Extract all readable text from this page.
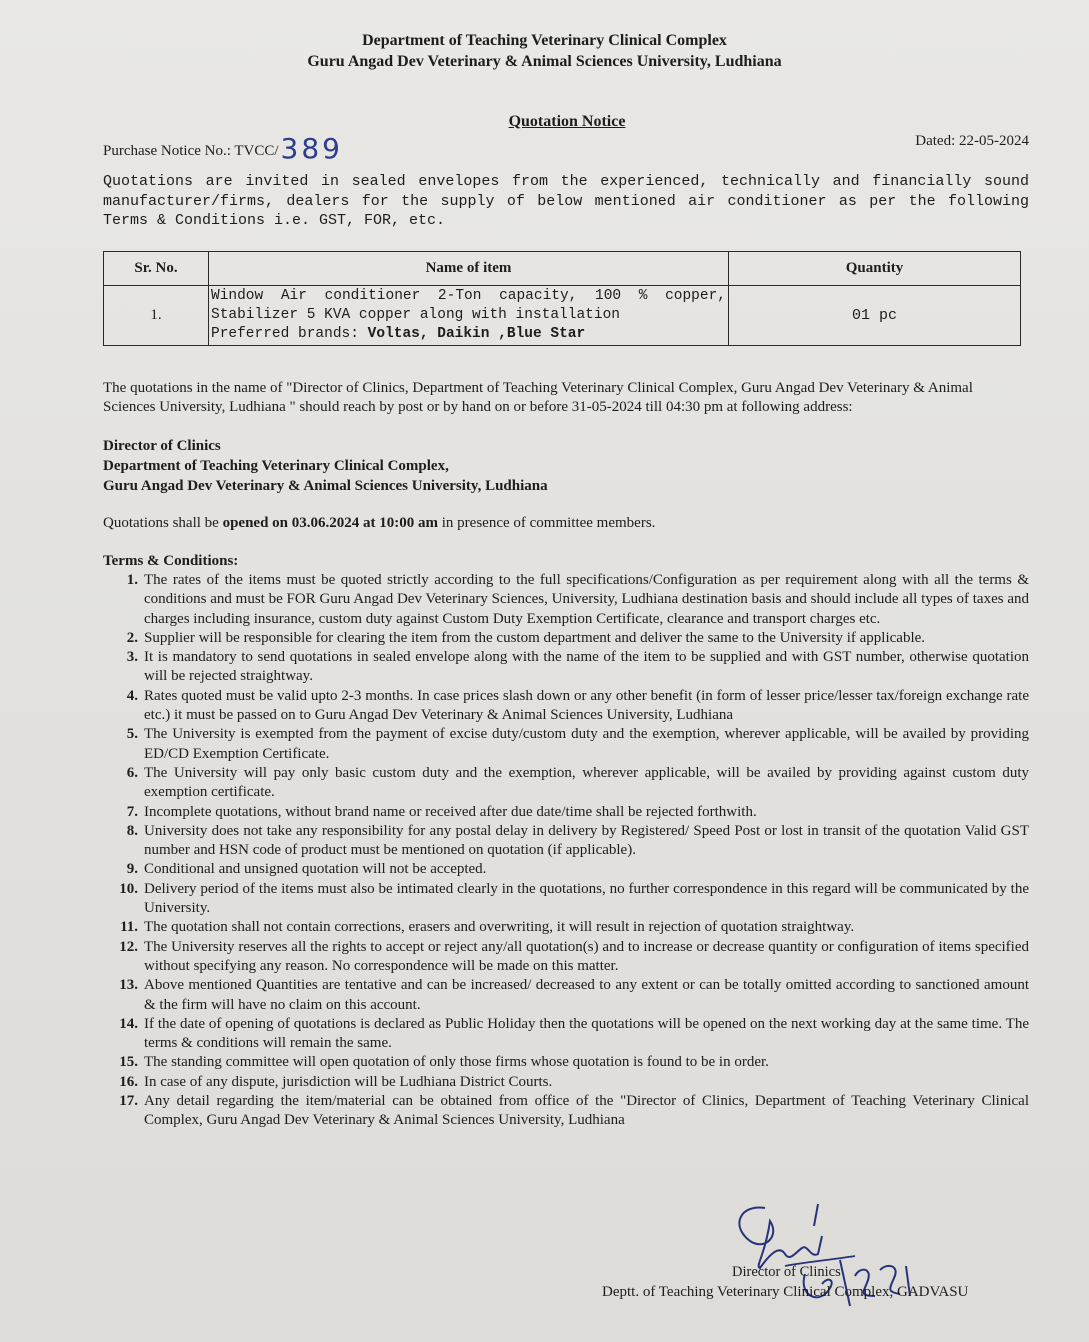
Department of Teaching Veterinary Clinical Complex
Guru Angad Dev Veterinary & Animal Sciences University, Ludhiana
Quotation Notice
Purchase Notice No.: TVCC/389	Dated: 22-05-2024
Quotations are invited in sealed envelopes from the experienced, technically and financially sound manufacturer/firms, dealers for the supply of below mentioned air conditioner as per the following Terms & Conditions i.e. GST, FOR, etc.
Sr. No.	Name of item	Quantity
1.	Window Air conditioner 2-Ton capacity, 100 % copper,
Stabilizer 5 KVA copper along with installation
Preferred brands: Voltas, Daikin ,Blue Star	01 pc
The quotations in the name of "Director of Clinics, Department of Teaching Veterinary Clinical Complex, Guru Angad Dev Veterinary & Animal Sciences University, Ludhiana " should reach by post or by hand on or before 31-05-2024 till 04:30 pm at following address:
Director of Clinics
Department of Teaching Veterinary Clinical Complex,
Guru Angad Dev Veterinary & Animal Sciences University, Ludhiana
Quotations shall be opened on 03.06.2024 at 10:00 am in presence of committee members.
Terms & Conditions:
1. The rates of the items must be quoted strictly according to the full specifications/Configuration as per requirement along with all the terms & conditions and must be FOR Guru Angad Dev Veterinary Sciences, University, Ludhiana destination basis and should include all types of taxes and charges including insurance, custom duty against Custom Duty Exemption Certificate, clearance and transport charges etc.
2. Supplier will be responsible for clearing the item from the custom department and deliver the same to the University if applicable.
3. It is mandatory to send quotations in sealed envelope along with the name of the item to be supplied and with GST number, otherwise quotation will be rejected straightway.
4. Rates quoted must be valid upto 2-3 months. In case prices slash down or any other benefit (in form of lesser price/lesser tax/foreign exchange rate etc.) it must be passed on to Guru Angad Dev Veterinary & Animal Sciences University, Ludhiana
5. The University is exempted from the payment of excise duty/custom duty and the exemption, wherever applicable, will be availed by providing ED/CD Exemption Certificate.
6. The University will pay only basic custom duty and the exemption, wherever applicable, will be availed by providing against custom duty exemption certificate.
7. Incomplete quotations, without brand name or received after due date/time shall be rejected forthwith.
8. University does not take any responsibility for any postal delay in delivery by Registered/ Speed Post or lost in transit of the quotation Valid GST number and HSN code of product must be mentioned on quotation (if applicable).
9. Conditional and unsigned quotation will not be accepted.
10. Delivery period of the items must also be intimated clearly in the quotations, no further correspondence in this regard will be communicated by the University.
11. The quotation shall not contain corrections, erasers and overwriting, it will result in rejection of quotation straightway.
12. The University reserves all the rights to accept or reject any/all quotation(s) and to increase or decrease quantity or configuration of items specified without specifying any reason. No correspondence will be made on this matter.
13. Above mentioned Quantities are tentative and can be increased/ decreased to any extent or can be totally omitted according to sanctioned amount & the firm will have no claim on this account.
14. If the date of opening of quotations is declared as Public Holiday then the quotations will be opened on the next working day at the same time. The terms & conditions will remain the same.
15. The standing committee will open quotation of only those firms whose quotation is found to be in order.
16. In case of any dispute, jurisdiction will be Ludhiana District Courts.
17. Any detail regarding the item/material can be obtained from office of the "Director of Clinics, Department of Teaching Veterinary Clinical Complex, Guru Angad Dev Veterinary & Animal Sciences University, Ludhiana
Director of Clinics
Deptt. of Teaching Veterinary Clinical Complex, GADVASU
